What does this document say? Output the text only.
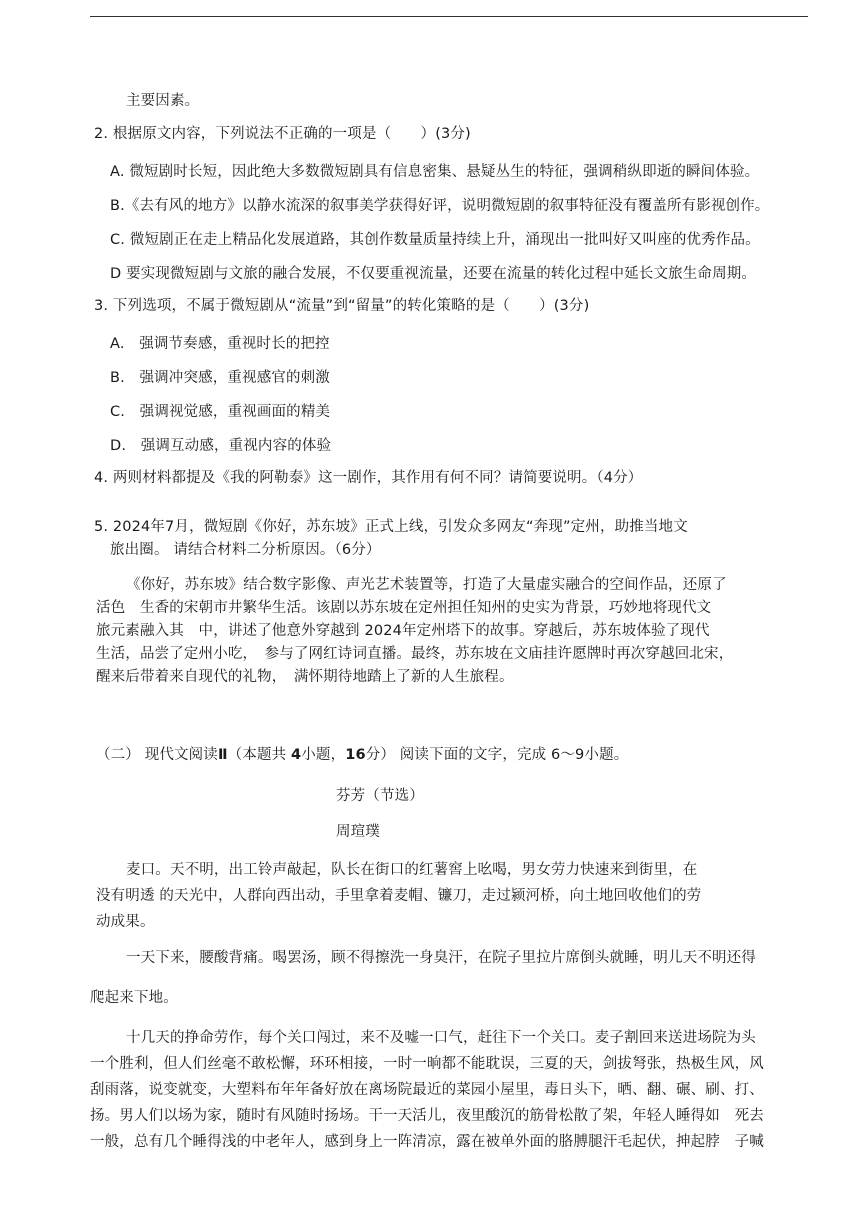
主要因素。
2. 根据原文内容，下列说法不正确的一项是（　　）(3分)
A. 微短剧时长短，因此绝大多数微短剧具有信息密集、悬疑丛生的特征，强调稍纵即逝的瞬间体验。
B.《去有风的地方》以静水流深的叙事美学获得好评，说明微短剧的叙事特征没有覆盖所有影视创作。
C. 微短剧正在走上精品化发展道路，其创作数量质量持续上升，涌现出一批叫好又叫座的优秀作品。
D 要实现微短剧与文旅的融合发展，不仅要重视流量，还要在流量的转化过程中延长文旅生命周期。
3. 下列选项，不属于微短剧从“流量”到“留量”的转化策略的是（　　）(3分)
A.　强调节奏感，重视时长的把控
B.　强调冲突感，重视感官的刺激
C.　强调视觉感，重视画面的精美
D.　强调互动感，重视内容的体验
4. 两则材料都提及《我的阿勒泰》这一剧作，其作用有何不同？请简要说明。（4分）
5. 2024年7月，微短剧《你好，苏东坡》正式上线，引发众多网友“奔现”定州，助推当地文
旅出圈。 请结合材料二分析原因。（6分）
《你好，苏东坡》结合数字影像、声光艺术装置等，打造了大量虚实融合的空间作品，还原了
活色　生香的宋朝市井繁华生活。该剧以苏东坡在定州担任知州的史实为背景，巧妙地将现代文
旅元素融入其　中，讲述了他意外穿越到 2024年定州塔下的故事。穿越后，苏东坡体验了现代
生活，品尝了定州小吃，　参与了网红诗词直播。最终，苏东坡在文庙挂许愿牌时再次穿越回北宋，
醒来后带着来自现代的礼物，　满怀期待地踏上了新的人生旅程。
（二） 现代文阅读Ⅱ（本题共 4小题，16分） 阅读下面的文字，完成 6～9小题。
芬芳（节选）
周瑄璞
麦口。天不明，出工铃声敲起，队长在街口的红薯窖上吆喝，男女劳力快速来到街里，在
没有明透 的天光中，人群向西出动，手里拿着麦帽、镰刀，走过颍河桥，向土地回收他们的劳
动成果。
一天下来，腰酸背痛。喝罢汤，顾不得擦洗一身臭汗，在院子里拉片席倒头就睡，明儿天不明还得
爬起来下地。
十几天的挣命劳作，每个关口闯过，来不及嘘一口气，赶往下一个关口。麦子割回来送进场院为头
一个胜利，但人们丝毫不敢松懈，环环相接，一时一晌都不能耽误，三夏的天，剑拔弩张，热极生风，风
刮雨落，说变就变，大塑料布年年备好放在离场院最近的菜园小屋里，毒日头下，晒、翻、碾、刷、打、
扬。男人们以场为家，随时有风随时扬场。干一天活儿，夜里酸沉的筋骨松散了架，年轻人睡得如　死去
一般，总有几个睡得浅的中老年人，感到身上一阵清凉，露在被单外面的胳膊腿汗毛起伏，抻起脖　子喊
